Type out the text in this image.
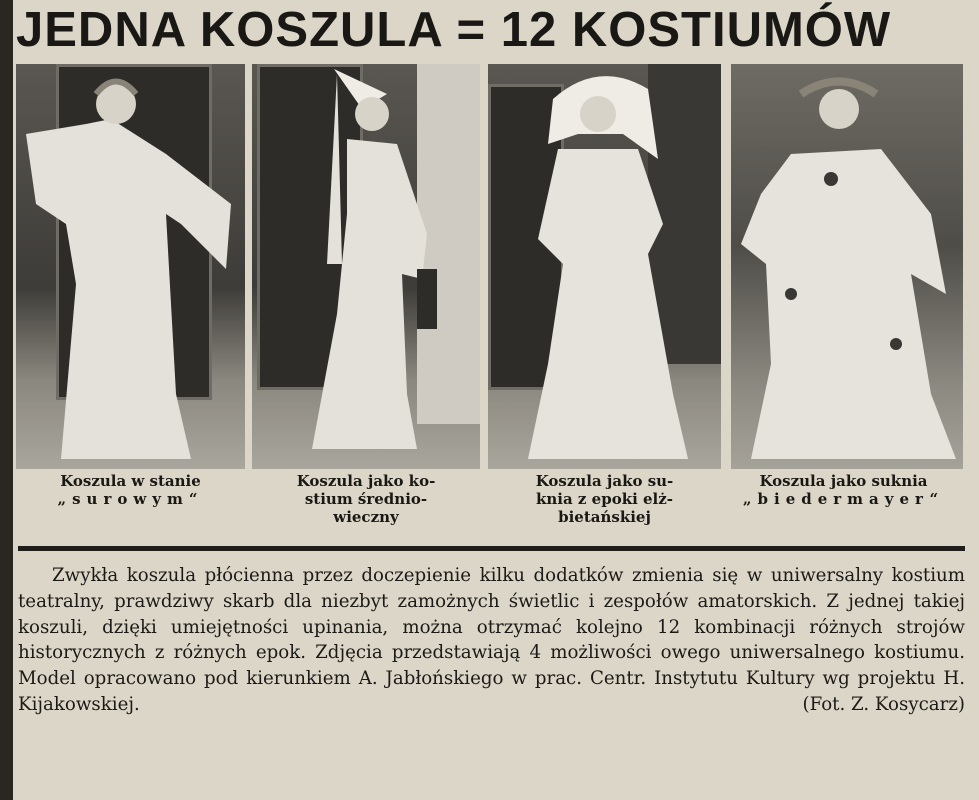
JEDNA KOSZULA = 12 KOSTIUMÓW
Koszula w stanie
„surowym“
Koszula jako ko-
stium średnio-
wieczny
Koszula jako su-
knia z epoki elż-
bietańskiej
Koszula jako suknia
„biedermayer“

Zwykła koszula płócienna przez doczepienie kilku dodatków zmienia się w uniwersalny kostium teatralny, prawdziwy skarb dla niezbyt zamożnych świetlic i zespołów amatorskich. Z jednej takiej koszuli, dzięki umiejętności upinania, można otrzymać kolejno 12 kombinacji różnych strojów historycznych z różnych epok. Zdjęcia przedstawiają 4 możliwości owego uniwersalnego kostiumu. Model opracowano pod kierunkiem A. Jabłońskiego w prac. Centr. Instytutu Kultury wg projektu H. Kijakowskiej.	(Fot. Z. Kosycarz)
